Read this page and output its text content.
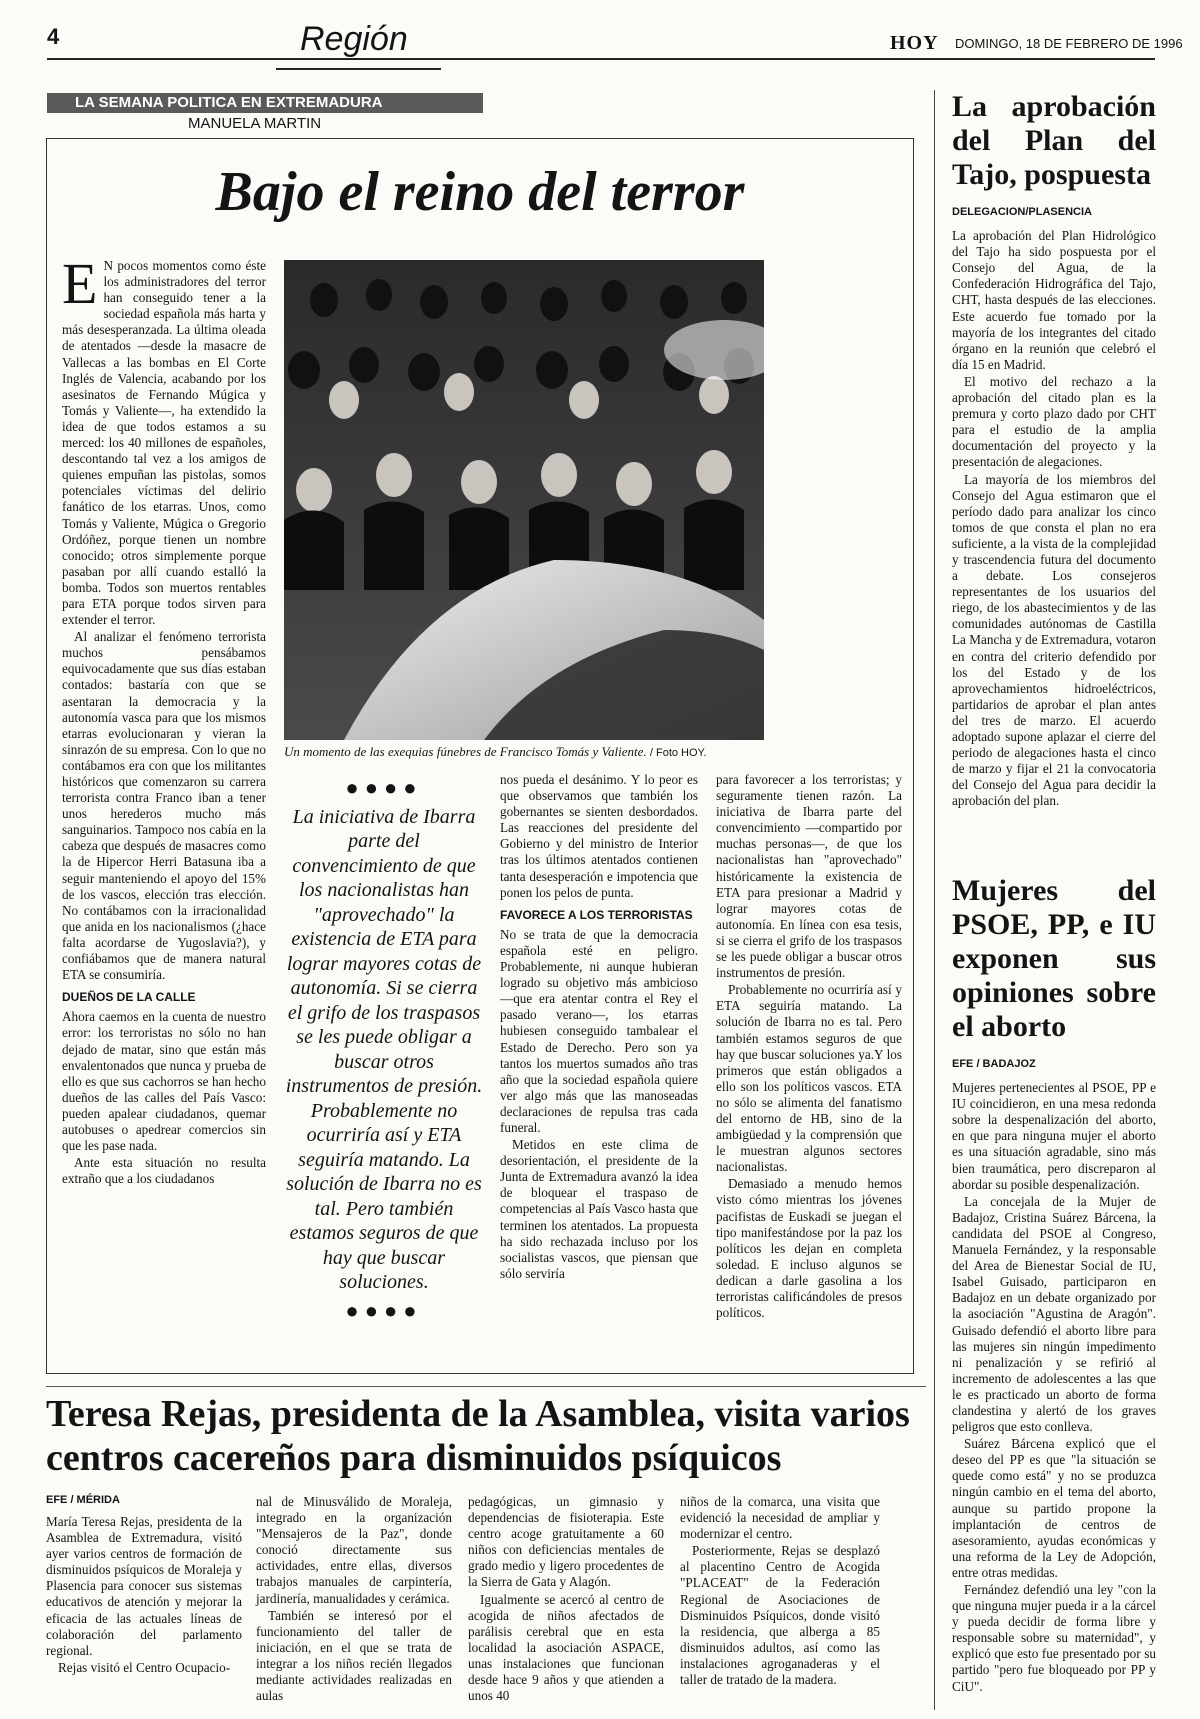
4	Región	HOY DOMINGO, 18 DE FEBRERO DE 1996
LA SEMANA POLITICA EN EXTREMADURA
MANUELA MARTIN
Bajo el reino del terror

E N pocos momentos como éste los administradores del terror han conseguido tener a la sociedad española más harta y más desesperanzada. La última oleada de atentados —desde la masacre de Vallecas a las bombas en El Corte Inglés de Valencia, acabando por los asesinatos de Fernando Múgica y Tomás y Valiente—, ha extendido la idea de que todos estamos a su merced: los 40 millones de españoles, descontando tal vez a los amigos de quienes empuñan las pistolas, somos potenciales víctimas del delirio fanático de los etarras. Unos, como Tomás y Valiente, Múgica o Gregorio Ordóñez, porque tienen un nombre conocido; otros simplemente porque pasaban por allí cuando estalló la bomba. Todos son muertos rentables para ETA porque todos sirven para extender el terror.

Al analizar el fenómeno terrorista muchos pensábamos equivocadamente que sus días estaban contados: bastaría con que se asentaran la democracia y la autonomía vasca para que los mismos etarras evolucionaran y vieran la sinrazón de su empresa. Con lo que no contábamos era con que los militantes históricos que comenzaron su carrera terrorista contra Franco iban a tener unos herederos mucho más sanguinarios. Tampoco nos cabía en la cabeza que después de masacres como la de Hipercor Herri Batasuna iba a seguir manteniendo el apoyo del 15% de los vascos, elección tras elección. No contábamos con la irracionalidad que anida en los nacionalismos (¿hace falta acordarse de Yugoslavia?), y confiábamos que de manera natural ETA se consumiría.

DUEÑOS DE LA CALLE

Ahora caemos en la cuenta de nuestro error: los terroristas no sólo no han dejado de matar, sino que están más envalentonados que nunca y prueba de ello es que sus cachorros se han hecho dueños de las calles del País Vasco: pueden apalear ciudadanos, quemar autobuses o apedrear comercios sin que les pase nada.

Ante esta situación no resulta extraño que a los ciudadanos

Un momento de las exequias fúnebres de Francisco Tomás y Valiente. / Foto HOY.
●●●●
La iniciativa de Ibarra parte del convencimiento de que los nacionalistas han "aprovechado" la existencia de ETA para lograr mayores cotas de autonomía. Si se cierra el grifo de los traspasos se les puede obligar a buscar otros instrumentos de presión. Probablemente no ocurriría así y ETA seguiría matando. La solución de Ibarra no es tal. Pero también estamos seguros de que hay que buscar soluciones.
●●●●

nos pueda el desánimo. Y lo peor es que observamos que también los gobernantes se sienten desbordados. Las reacciones del presidente del Gobierno y del ministro de Interior tras los últimos atentados contienen tanta desesperación e impotencia que ponen los pelos de punta.

FAVORECE A LOS TERRORISTAS

No se trata de que la democracia española esté en peligro. Probablemente, ni aunque hubieran logrado su objetivo más ambicioso —que era atentar contra el Rey el pasado verano—, los etarras hubiesen conseguido tambalear el Estado de Derecho. Pero son ya tantos los muertos sumados año tras año que la sociedad española quiere ver algo más que las manoseadas declaraciones de repulsa tras cada funeral.

Metidos en este clima de desorientación, el presidente de la Junta de Extremadura avanzó la idea de bloquear el traspaso de competencias al País Vasco hasta que terminen los atentados. La propuesta ha sido rechazada incluso por los socialistas vascos, que piensan que sólo serviría

para favorecer a los terroristas; y seguramente tienen razón. La iniciativa de Ibarra parte del convencimiento —compartido por muchas personas—, de que los nacionalistas han "aprovechado" históricamente la existencia de ETA para presionar a Madrid y lograr mayores cotas de autonomía. En línea con esa tesis, si se cierra el grifo de los traspasos se les puede obligar a buscar otros instrumentos de presión.

Probablemente no ocurriría así y ETA seguiría matando. La solución de Ibarra no es tal. Pero también estamos seguros de que hay que buscar soluciones ya.Y los primeros que están obligados a ello son los políticos vascos. ETA no sólo se alimenta del fanatismo del entorno de HB, sino de la ambigüedad y la comprensión que le muestran algunos sectores nacionalistas.

Demasiado a menudo hemos visto cómo mientras los jóvenes pacifistas de Euskadi se juegan el tipo manifestándose por la paz los políticos les dejan en completa soledad. E incluso algunos se dedican a darle gasolina a los terroristas calificándoles de presos políticos.

La aprobación del Plan del Tajo, pospuesta
DELEGACION/PLASENCIA

La aprobación del Plan Hidrológico del Tajo ha sido pospuesta por el Consejo del Agua, de la Confederación Hidrográfica del Tajo, CHT, hasta después de las elecciones. Este acuerdo fue tomado por la mayoría de los integrantes del citado órgano en la reunión que celebró el día 15 en Madrid.

El motivo del rechazo a la aprobación del citado plan es la premura y corto plazo dado por CHT para el estudio de la amplia documentación del proyecto y la presentación de alegaciones.

La mayoría de los miembros del Consejo del Agua estimaron que el período dado para analizar los cinco tomos de que consta el plan no era suficiente, a la vista de la complejidad y trascendencia futura del documento a debate. Los consejeros representantes de los usuarios del riego, de los abastecimientos y de las comunidades autónomas de Castilla La Mancha y de Extremadura, votaron en contra del criterio defendido por los del Estado y de los aprovechamientos hidroeléctricos, partidarios de aprobar el plan antes del tres de marzo. El acuerdo adoptado supone aplazar el cierre del periodo de alegaciones hasta el cinco de marzo y fijar el 21 la convocatoria del Consejo del Agua para decidir la aprobación del plan.

Mujeres del PSOE, PP, e IU exponen sus opiniones sobre el aborto
EFE / BADAJOZ

Mujeres pertenecientes al PSOE, PP e IU coincidieron, en una mesa redonda sobre la despenalización del aborto, en que para ninguna mujer el aborto es una situación agradable, sino más bien traumática, pero discreparon al abordar su posible despenalización.

La concejala de la Mujer de Badajoz, Cristina Suárez Bárcena, la candidata del PSOE al Congreso, Manuela Fernández, y la responsable del Area de Bienestar Social de IU, Isabel Guisado, participaron en Badajoz en un debate organizado por la asociación "Agustina de Aragón". Guisado defendió el aborto libre para las mujeres sin ningún impedimento ni penalización y se refirió al incremento de adolescentes a las que le es practicado un aborto de forma clandestina y alertó de los graves peligros que esto conlleva.

Suárez Bárcena explicó que el deseo del PP es que "la situación se quede como está" y no se produzca ningún cambio en el tema del aborto, aunque su partido propone la implantación de centros de asesoramiento, ayudas económicas y una reforma de la Ley de Adopción, entre otras medidas.

Fernández defendió una ley "con la que ninguna mujer pueda ir a la cárcel y pueda decidir de forma libre y responsable sobre su maternidad", y explicó que esto fue presentado por su partido "pero fue bloqueado por PP y CiU".

Teresa Rejas, presidenta de la Asamblea, visita varios centros cacereños para disminuidos psíquicos
EFE / MÉRIDA

María Teresa Rejas, presidenta de la Asamblea de Extremadura, visitó ayer varios centros de formación de disminuidos psíquicos de Moraleja y Plasencia para conocer sus sistemas educativos de atención y mejorar la eficacia de las actuales líneas de colaboración del parlamento regional.

Rejas visitó el Centro Ocupacio-

nal de Minusválido de Moraleja, integrado en la organización "Mensajeros de la Paz", donde conoció directamente sus actividades, entre ellas, diversos trabajos manuales de carpintería, jardinería, manualidades y cerámica.

También se interesó por el funcionamiento del taller de iniciación, en el que se trata de integrar a los niños recién llegados mediante actividades realizadas en aulas

pedagógicas, un gimnasio y dependencias de fisioterapia. Este centro acoge gratuitamente a 60 niños con deficiencias mentales de grado medio y ligero procedentes de la Sierra de Gata y Alagón.

Igualmente se acercó al centro de acogida de niños afectados de parálisis cerebral que en esta localidad la asociación ASPACE, unas instalaciones que funcionan desde hace 9 años y que atienden a unos 40

niños de la comarca, una visita que evidenció la necesidad de ampliar y modernizar el centro.

Posteriormente, Rejas se desplazó al placentino Centro de Acogida "PLACEAT" de la Federación Regional de Asociaciones de Disminuidos Psíquicos, donde visitó la residencia, que alberga a 85 disminuidos adultos, así como las instalaciones agroganaderas y el taller de tratado de la madera.
